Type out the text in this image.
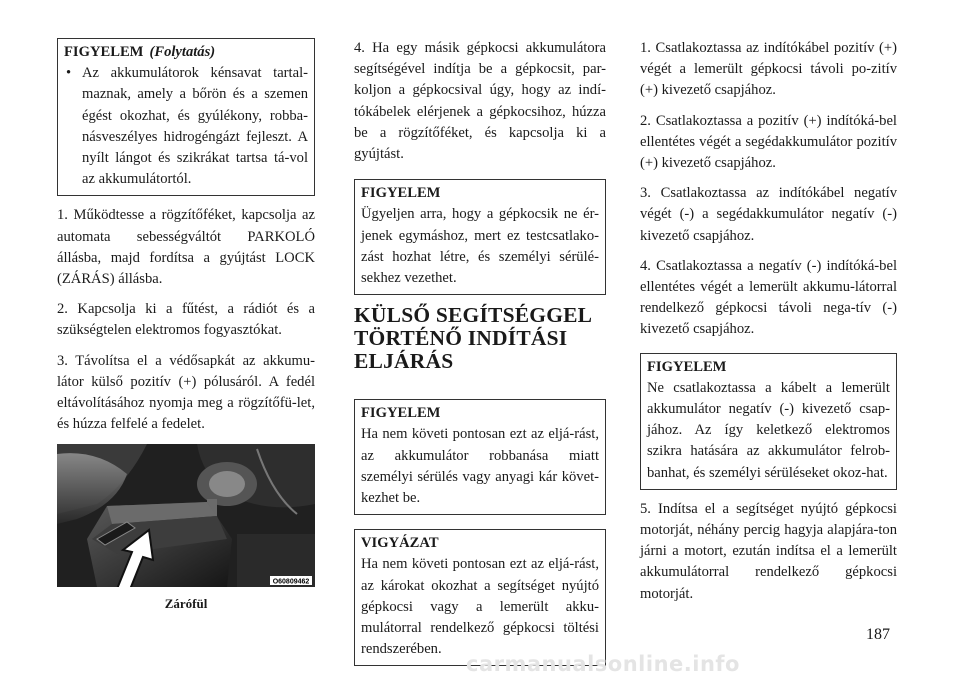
FIGYELEM (Folytatás)

• Az akkumulátorok kénsavat tartal-maznak, amely a bőrön és a szemen égést okozhat, és gyúlékony, robba-násveszélyes hidrogéngázt fejleszt. A nyílt lángot és szikrákat tartsa tá-vol az akkumulátortól.

1. Működtesse a rögzítőféket, kapcsolja az automata sebességváltót PARKOLÓ állásba, majd fordítsa a gyújtást LOCK (ZÁRÁS) állásba.

2. Kapcsolja ki a fűtést, a rádiót és a szükségtelen elektromos fogyasztókat.

3. Távolítsa el a védősapkát az akkumu-látor külső pozitív (+) pólusáról. A fedél eltávolításához nyomja meg a rögzítőfü-let, és húzza felfelé a fedelet.

O60809462
Zárófül

4. Ha egy másik gépkocsi akkumulátora segítségével indítja be a gépkocsit, par-koljon a gépkocsival úgy, hogy az indí-tókábelek elérjenek a gépkocsihoz, húzza be a rögzítőféket, és kapcsolja ki a gyújtást.

FIGYELEM

Ügyeljen arra, hogy a gépkocsik ne ér-jenek egymáshoz, mert ez testcsatlako-zást hozhat létre, és személyi sérülé-sekhez vezethet.

KÜLSŐ SEGÍTSÉGGEL TÖRTÉNŐ INDÍTÁSI ELJÁRÁS
FIGYELEM

Ha nem követi pontosan ezt az eljá-rást, az akkumulátor robbanása miatt személyi sérülés vagy anyagi kár követ-kezhet be.

VIGYÁZAT

Ha nem követi pontosan ezt az eljá-rást, az károkat okozhat a segítséget nyújtó gépkocsi vagy a lemerült akku-mulátorral rendelkező gépkocsi töltési rendszerében.

1. Csatlakoztassa az indítókábel pozitív (+) végét a lemerült gépkocsi távoli po-zitív (+) kivezető csapjához.

2. Csatlakoztassa a pozitív (+) indítóká-bel ellentétes végét a segédakkumulátor pozitív (+) kivezető csapjához.

3. Csatlakoztassa az indítókábel negatív végét (-) a segédakkumulátor negatív (-) kivezető csapjához.

4. Csatlakoztassa a negatív (-) indítóká-bel ellentétes végét a lemerült akkumu-látorral rendelkező gépkocsi távoli nega-tív (-) kivezető csapjához.

FIGYELEM

Ne csatlakoztassa a kábelt a lemerült akkumulátor negatív (-) kivezető csap-jához. Az így keletkező elektromos szikra hatására az akkumulátor felrob-banhat, és személyi sérüléseket okoz-hat.

5. Indítsa el a segítséget nyújtó gépkocsi motorját, néhány percig hagyja alapjára-ton járni a motort, ezután indítsa el a lemerült akkumulátorral rendelkező gépkocsi motorját.

187
carmanualsonline.info
